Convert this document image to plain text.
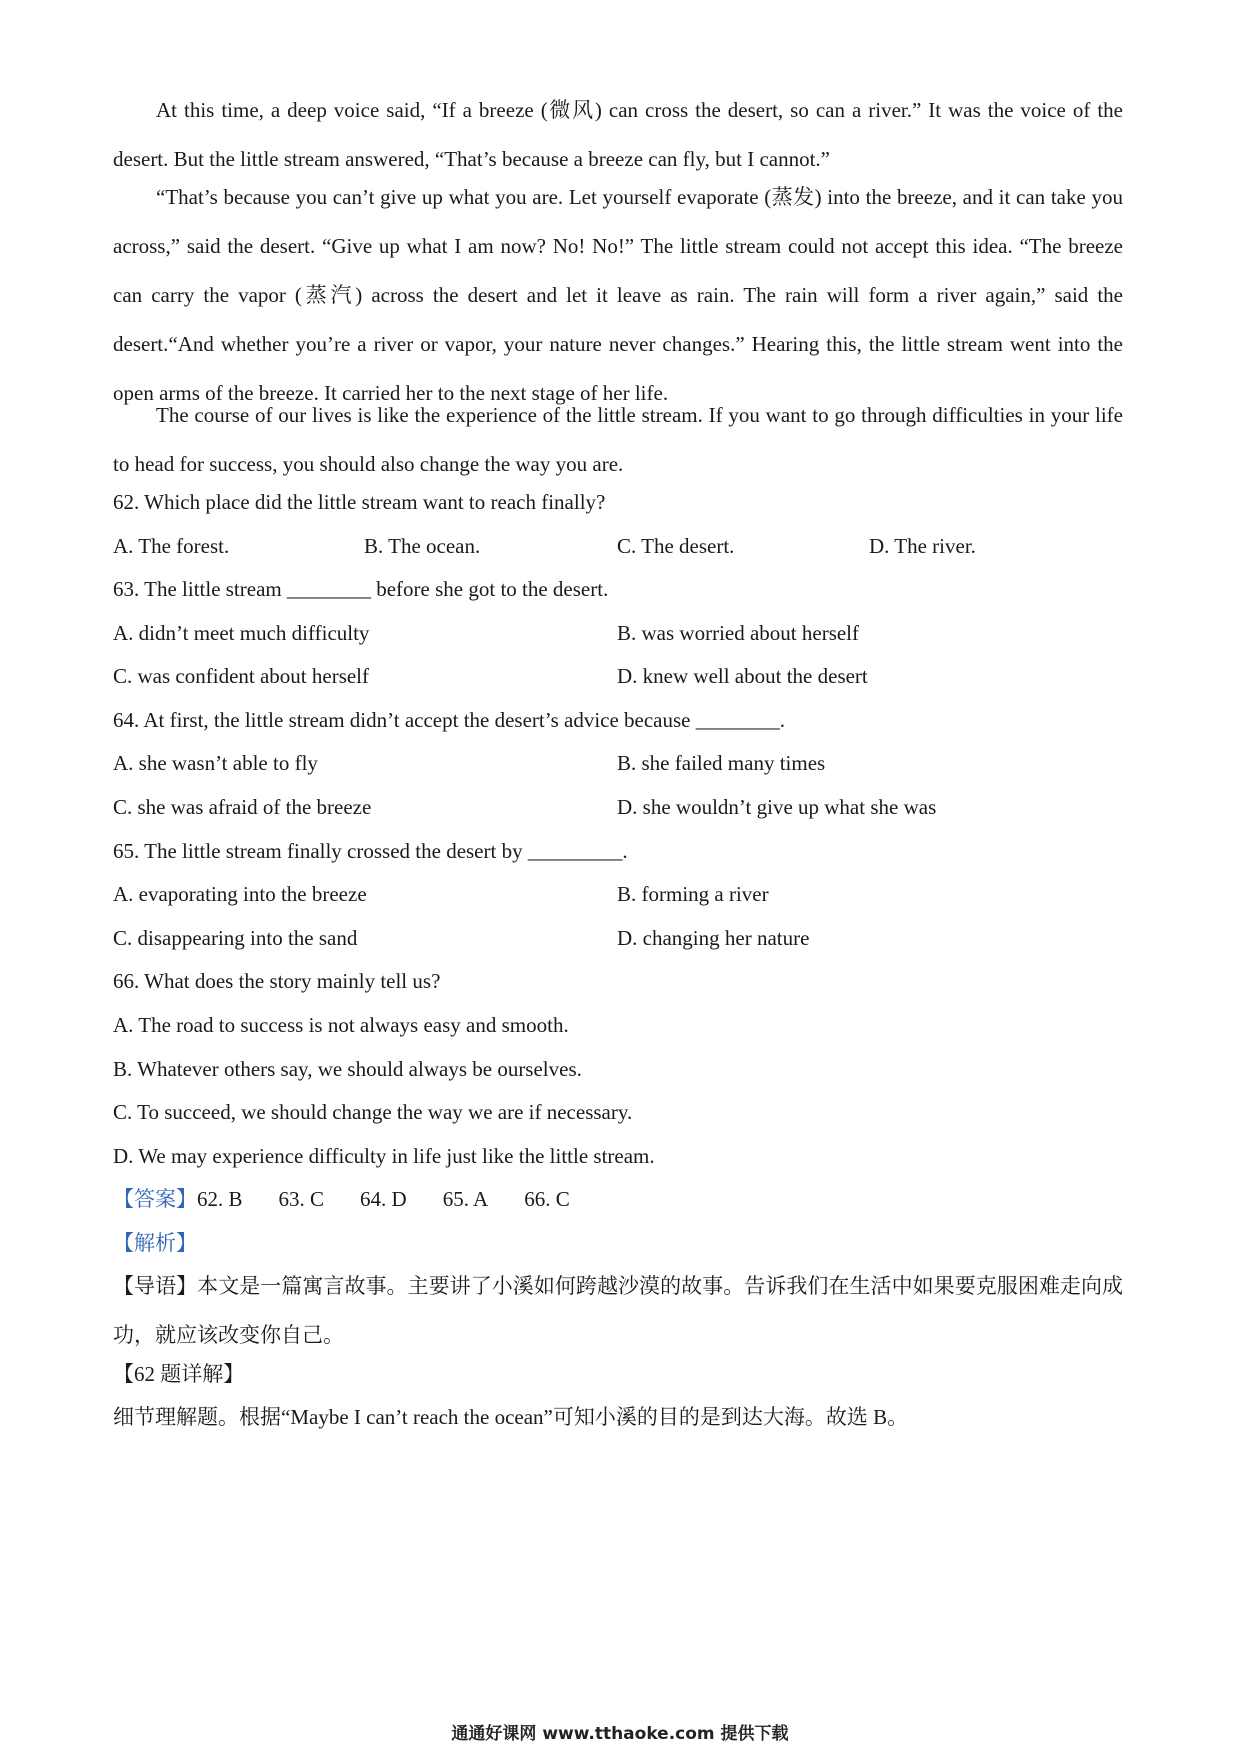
At this time, a deep voice said, “If a breeze (微风) can cross the desert, so can a river.” It was the voice of the desert. But the little stream answered, “That’s because a breeze can fly, but I cannot.”

“That’s because you can’t give up what you are. Let yourself evaporate (蒸发) into the breeze, and it can take you across,” said the desert. “Give up what I am now? No! No!” The little stream could not accept this idea. “The breeze can carry the vapor (蒸汽) across the desert and let it leave as rain. The rain will form a river again,” said the desert.“And whether you’re a river or vapor, your nature never changes.” Hearing this, the little stream went into the open arms of the breeze. It carried her to the next stage of her life.

The course of our lives is like the experience of the little stream. If you want to go through difficulties in your life to head for success, you should also change the way you are.

62. Which place did the little stream want to reach finally?
A. The forest.	B. The ocean.	C. The desert.	D. The river.
63. The little stream ________ before she got to the desert.
A. didn’t meet much difficulty	B. was worried about herself
C. was confident about herself	D. knew well about the desert
64. At first, the little stream didn’t accept the desert’s advice because ________.
A. she wasn’t able to fly	B. she failed many times
C. she was afraid of the breeze	D. she wouldn’t give up what she was
65. The little stream finally crossed the desert by _________.
A. evaporating into the breeze	B. forming a river
C. disappearing into the sand	D. changing her nature
66. What does the story mainly tell us?
A. The road to success is not always easy and smooth.
B. Whatever others say, we should always be ourselves.
C. To succeed, we should change the way we are if necessary.
D. We may experience difficulty in life just like the little stream.
【答案】62. B 63. C 64. D 65. A 66. C
【解析】

【导语】本文是一篇寓言故事。主要讲了小溪如何跨越沙漠的故事。告诉我们在生活中如果要克服困难走向成功，就应该改变你自己。

【62 题详解】
细节理解题。根据“Maybe I can’t reach the ocean”可知小溪的目的是到达大海。故选 B。
通通好课网 www.tthaoke.com 提供下载
